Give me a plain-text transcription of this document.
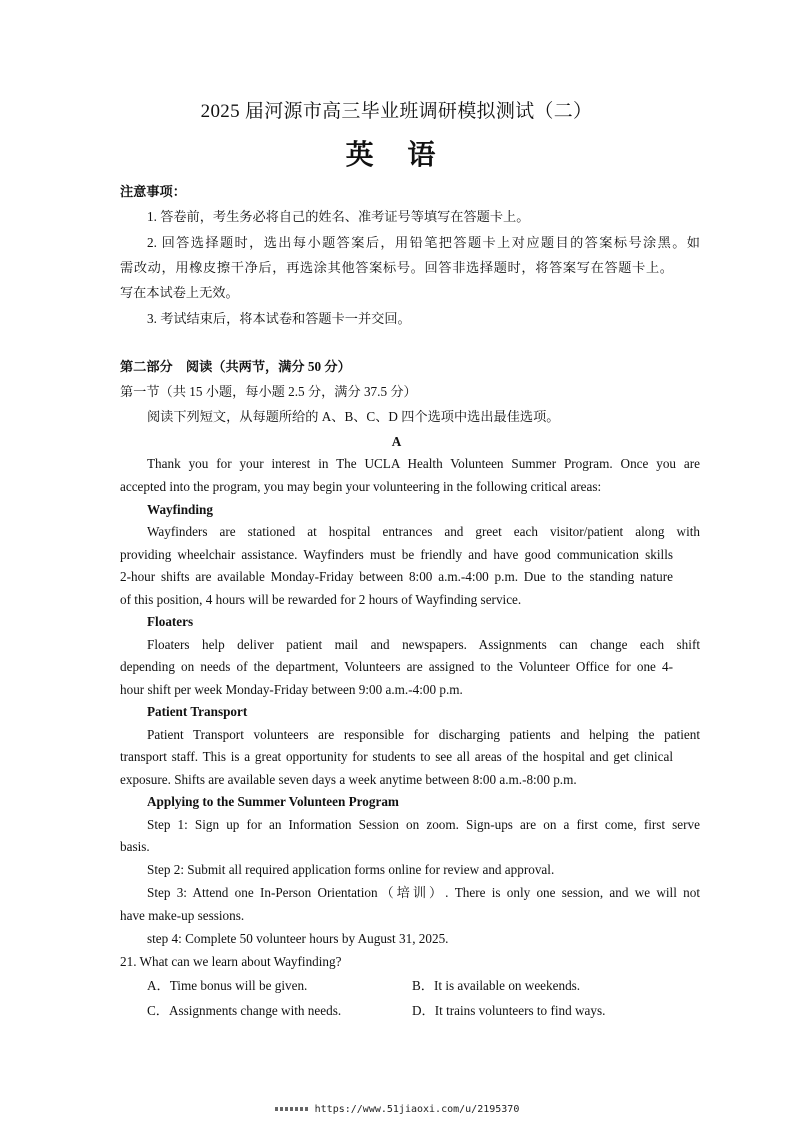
2025 届河源市高三毕业班调研模拟测试（二）
英 语
注意事项：
1. 答卷前，考生务必将自己的姓名、准考证号等填写在答题卡上。
2. 回答选择题时，选出每小题答案后，用铅笔把答题卡上对应题目的答案标号涂黑。如
需改动，用橡皮擦干净后，再选涂其他答案标号。回答非选择题时，将答案写在答题卡上。
写在本试卷上无效。
3. 考试结束后，将本试卷和答题卡一并交回。
第二部分　阅读（共两节，满分 50 分）
第一节（共 15 小题，每小题 2.5 分，满分 37.5 分）
阅读下列短文，从每题所给的 A、B、C、D 四个选项中选出最佳选项。
A
Thank you for your interest in The UCLA Health Volunteen Summer Program. Once you are
accepted into the program, you may begin your volunteering in the following critical areas:
Wayfinding
Wayfinders are stationed at hospital entrances and greet each visitor/patient along with
providing wheelchair assistance. Wayfinders must be friendly and have good communication skills
2-hour shifts are available Monday-Friday between 8:00 a.m.-4:00 p.m. Due to the standing nature
of this position, 4 hours will be rewarded for 2 hours of Wayfinding service.
Floaters
Floaters help deliver patient mail and newspapers. Assignments can change each shift
depending on needs of the department, Volunteers are assigned to the Volunteer Office for one 4-
hour shift per week Monday-Friday between 9:00 a.m.-4:00 p.m.
Patient Transport
Patient Transport volunteers are responsible for discharging patients and helping the patient
transport staff. This is a great opportunity for students to see all areas of the hospital and get clinical
exposure. Shifts are available seven days a week anytime between 8:00 a.m.-8:00 p.m.
Applying to the Summer Volunteen Program
Step 1: Sign up for an Information Session on zoom. Sign-ups are on a first come, first serve
basis.
Step 2: Submit all required application forms online for review and approval.
Step 3: Attend one In-Person Orientation（培训）. There is only one session, and we will not
have make-up sessions.
step 4: Complete 50 volunteer hours by August 31, 2025.
21. What can we learn about Wayfinding?
A．Time bonus will be given.	B．It is available on weekends.
C．Assignments change with needs.	D．It trains volunteers to find ways.
https://www.51jiaoxi.com/u/2195370
